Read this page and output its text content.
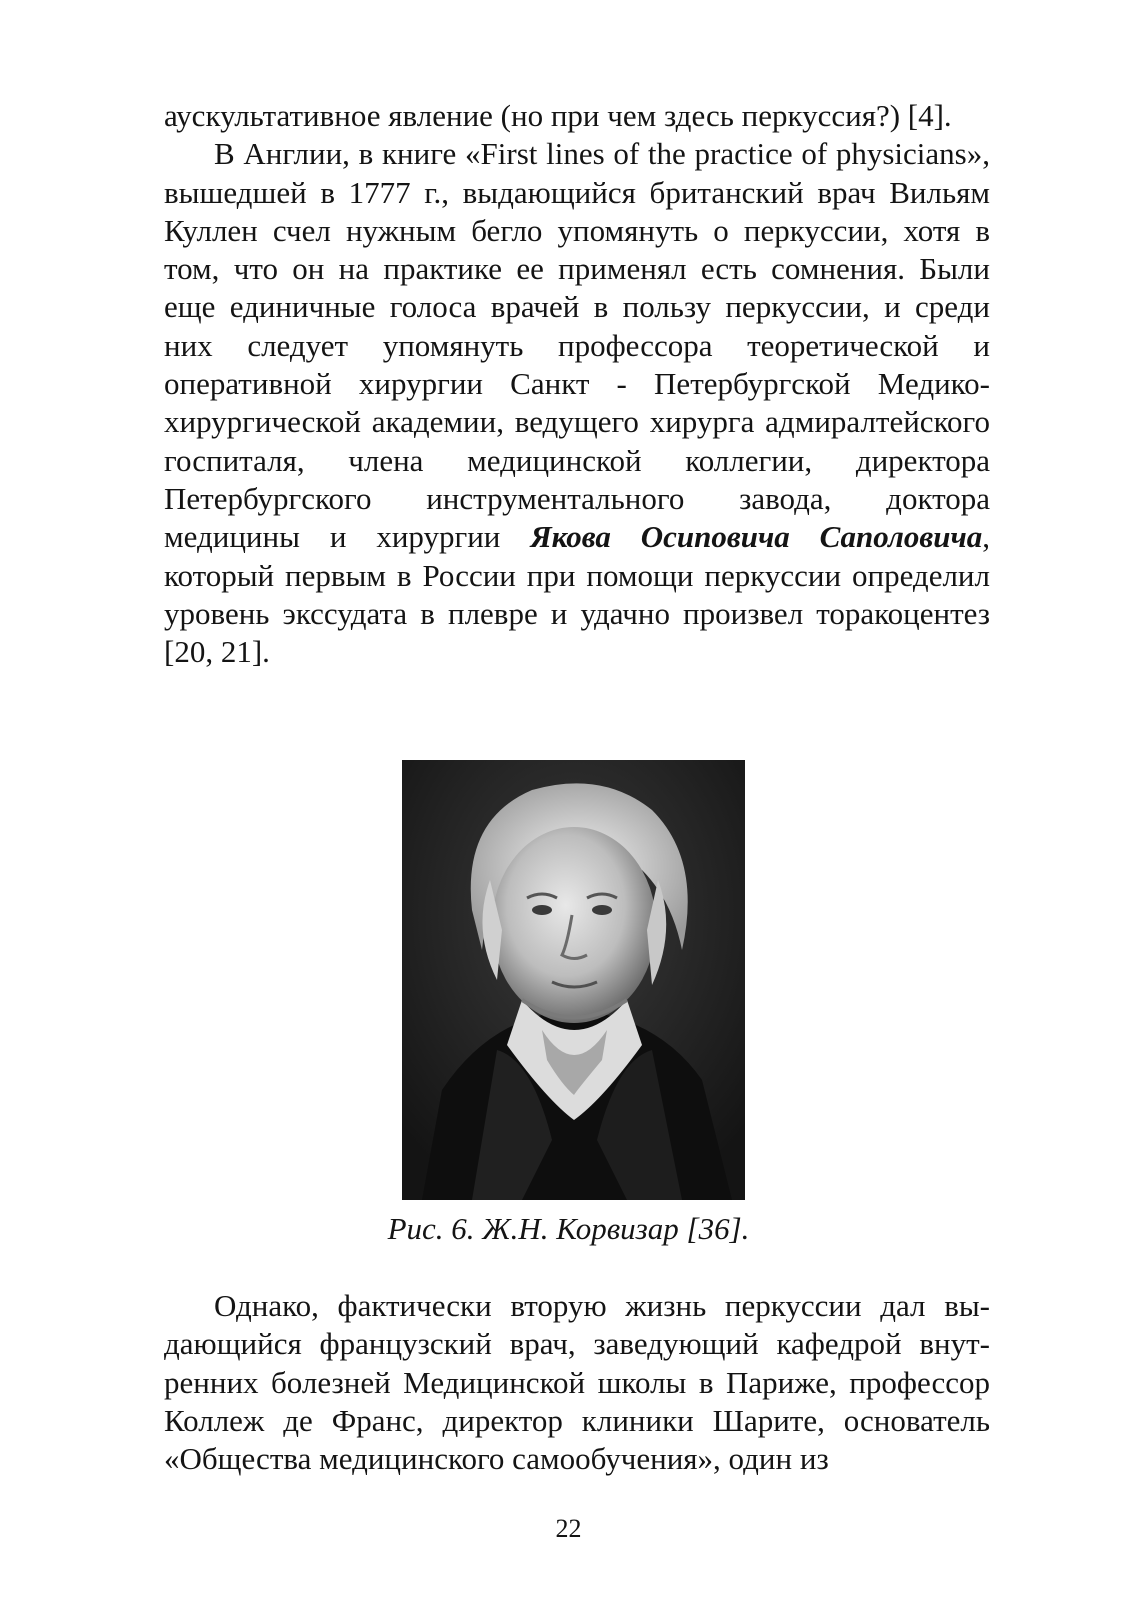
аускультативное явление (но при чем здесь перкуссия?) [4].

В Англии, в книге «First lines of the practice of physicians», вышедшей в 1777 г., выдающийся британский врач Вильям Куллен счел нужным бегло упомянуть о перкуссии, хотя в том, что он на практике ее применял есть сомнения. Были еще единичные голоса врачей в пользу перкуссии, и среди них следует упомянуть профессора теоретической и оперативной хирургии Санкт - Петербургской Медико-хирургической академии, ведущего хирурга адмиралтейского госпиталя, члена медицинской коллегии, директора Петербургского инструментального завода, доктора медицины и хирургии Якова Осиповича Саполовича, который первым в России при помощи перкуссии определил уровень экссудата в плевре и удачно произвел торакоцентез [20, 21].

Рис. 6. Ж.Н. Корвизар [36].

Однако, фактически вторую жизнь перкуссии дал выдающийся французский врач, заведующий кафедрой внутренних болезней Медицинской школы в Париже, профессор Коллеж де Франс, директор клиники Шарите, основатель «Общества медицинского самообучения», один из

22
